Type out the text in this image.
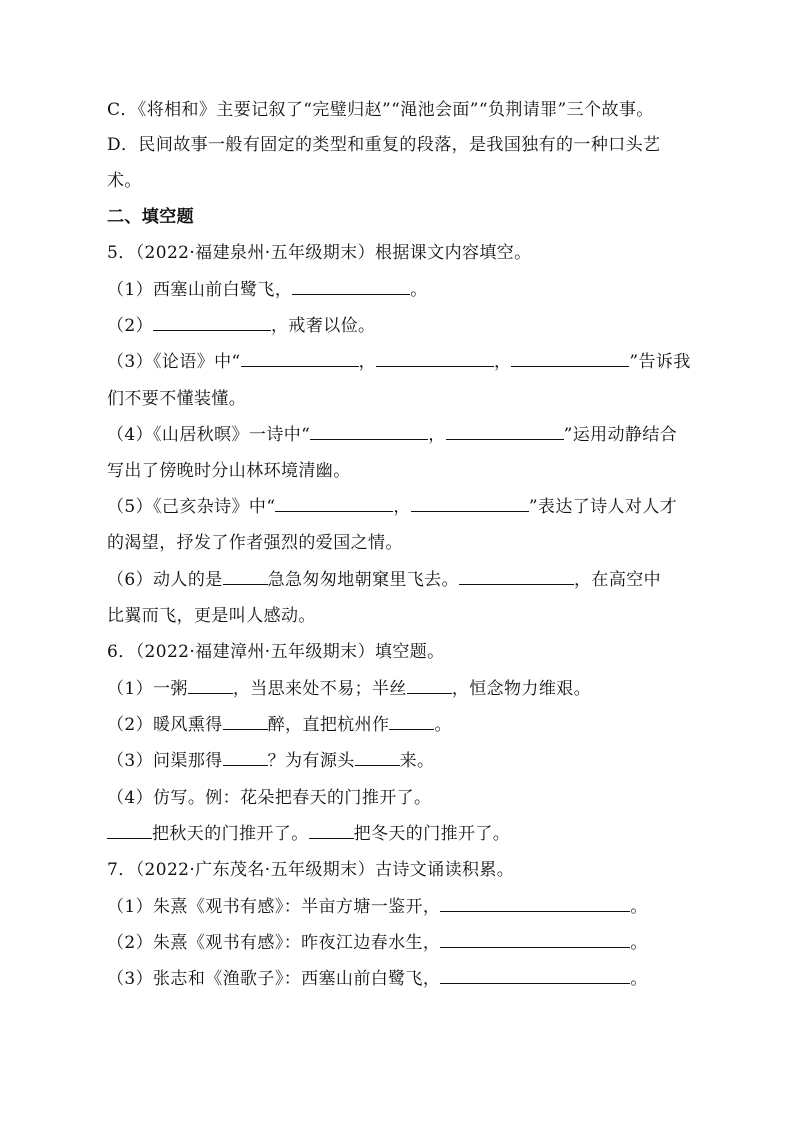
C．《将相和》主要记叙了“完璧归赵”“渑池会面”“负荆请罪”三个故事。
D．民间故事一般有固定的类型和重复的段落，是我国独有的一种口头艺
术。
二、填空题
5．（2022·福建泉州·五年级期末）根据课文内容填空。
（1）西塞山前白鹭飞，	。
（2）	，戒奢以俭。
（3）《论语》中“	，	，	”告诉我
们不要不懂装懂。
（4）《山居秋暝》一诗中“	，	”运用动静结合
写出了傍晚时分山林环境清幽。
（5）《己亥杂诗》中“	，	”表达了诗人对人才
的渴望，抒发了作者强烈的爱国之情。
（6）动人的是	急急匆匆地朝窠里飞去。	，在高空中
比翼而飞，更是叫人感动。
6．（2022·福建漳州·五年级期末）填空题。
（1）一粥	，当思来处不易；半丝	，恒念物力维艰。
（2）暖风熏得	醉，直把杭州作	。
（3）问渠那得	？为有源头	来。
（4）仿写。例：花朵把春天的门推开了。
把秋天的门推开了。	把冬天的门推开了。
7．（2022·广东茂名·五年级期末）古诗文诵读积累。
（1）朱熹《观书有感》：半亩方塘一鉴开，	。
（2）朱熹《观书有感》：昨夜江边春水生，	。
（3）张志和《渔歌子》：西塞山前白鹭飞，	。
